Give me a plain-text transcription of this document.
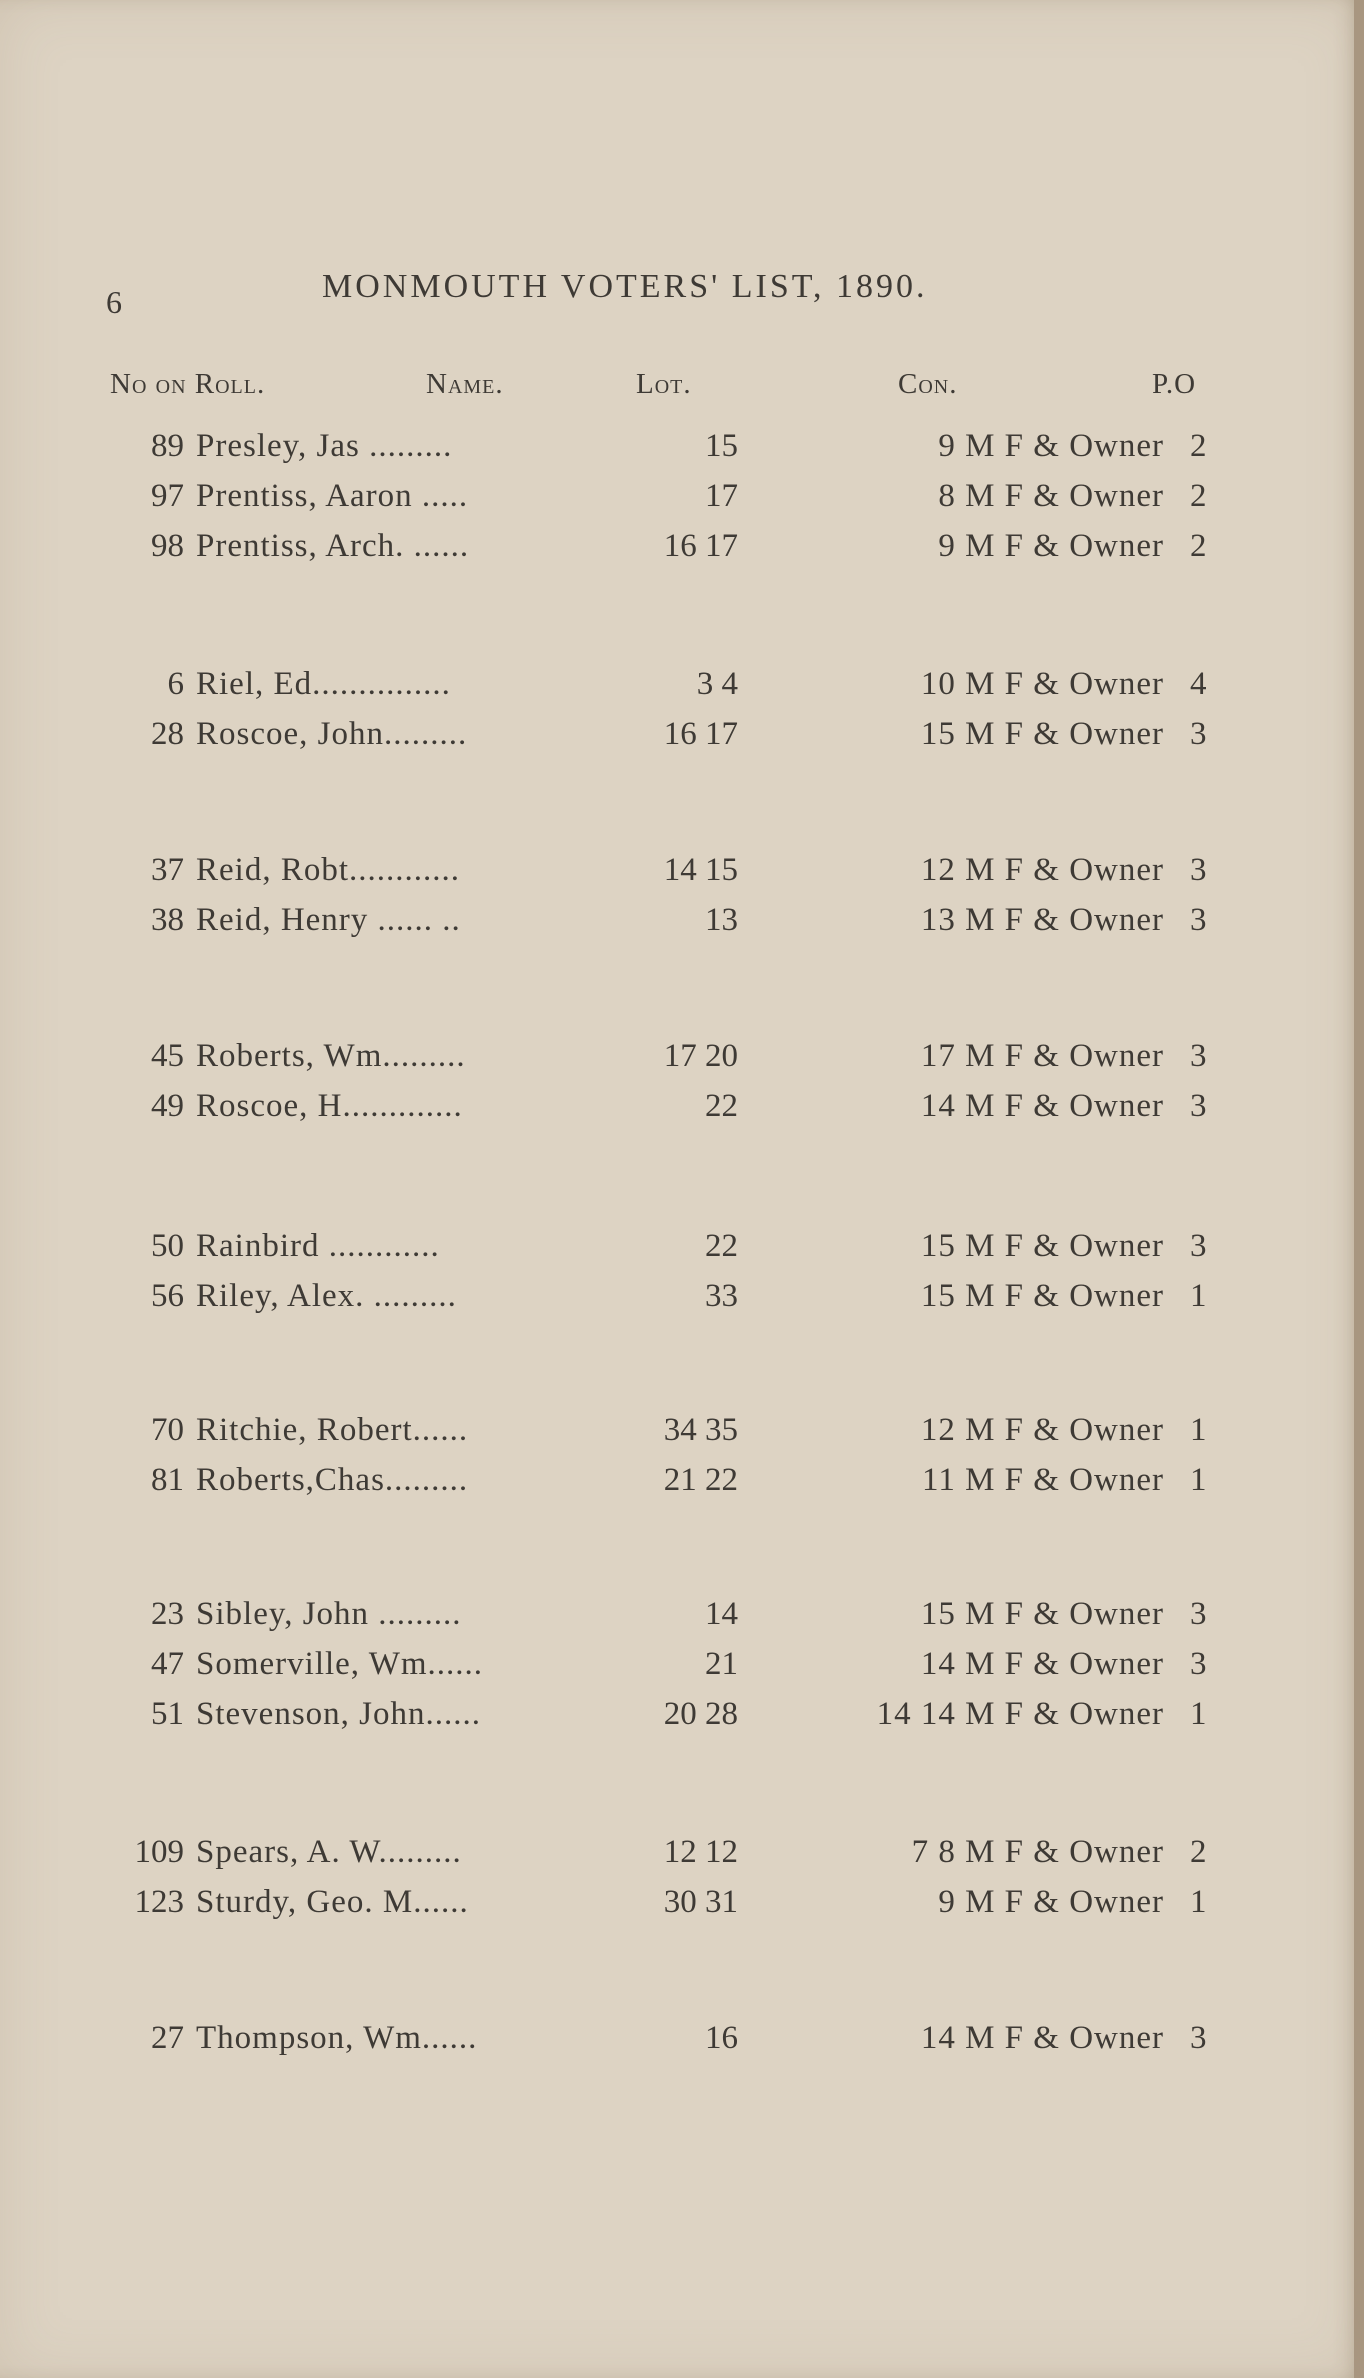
6	MONMOUTH VOTERS' LIST, 1890.
No on Roll.	Name.	Lot.	Con.	P.O
89 Presley, Jas .........	15	9 M F & Owner 2
97 Prentiss, Aaron .....	17	8 M F & Owner 2
98 Prentiss, Arch. ......	16 17	9 M F & Owner 2
6 Riel, Ed...............	3 4	10 M F & Owner 4
28 Roscoe, John.........	16 17	15 M F & Owner 3
37 Reid, Robt............	14 15	12 M F & Owner 3
38 Reid, Henry ...... ..	13	13 M F & Owner 3
45 Roberts, Wm.........	17 20	17 M F & Owner 3
49 Roscoe, H.............	22	14 M F & Owner 3
50 Rainbird ............	22	15 M F & Owner 3
56 Riley, Alex. .........	33	15 M F & Owner 1
70 Ritchie, Robert......	34 35	12 M F & Owner 1
81 Roberts,Chas.........	21 22	11 M F & Owner 1
23 Sibley, John .........	14	15 M F & Owner 3
47 Somerville, Wm......	21	14 M F & Owner 3
51 Stevenson, John......	20 28	14 14 M F & Owner 1
109 Spears, A. W.........	12 12	7 8 M F & Owner 2
123 Sturdy, Geo. M......	30 31	9 M F & Owner 1
27 Thompson, Wm......	16	14 M F & Owner 3
